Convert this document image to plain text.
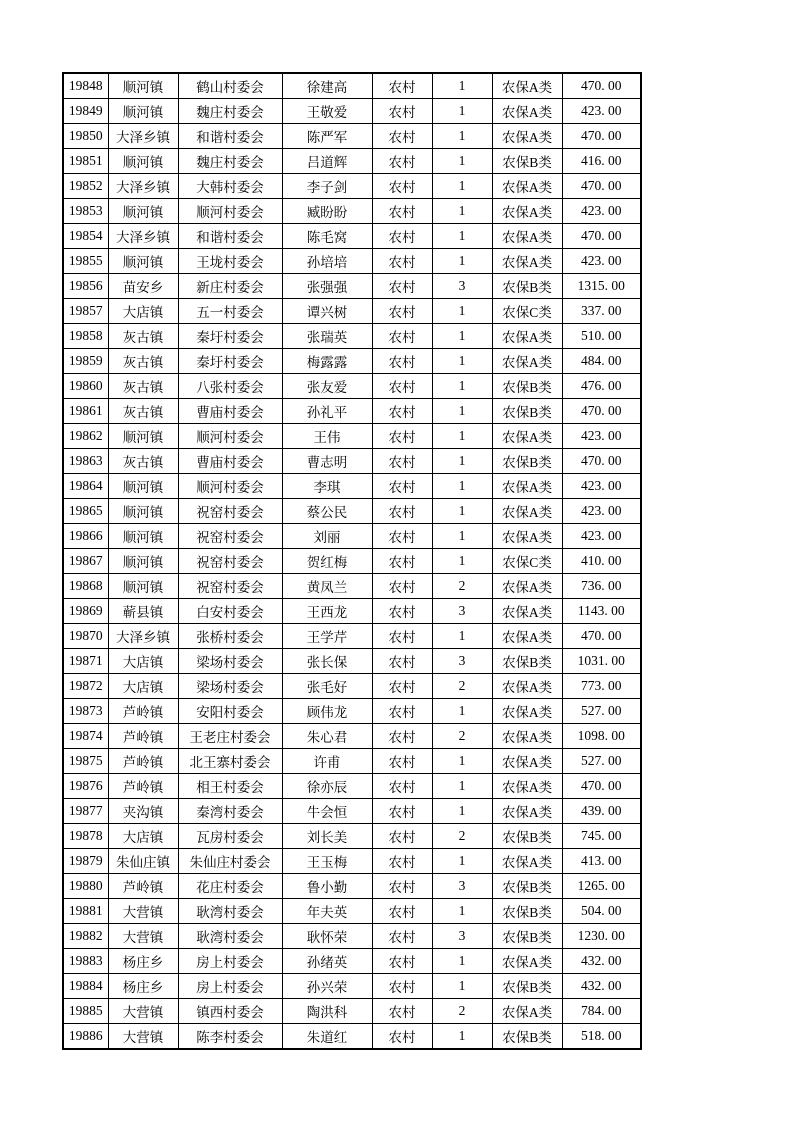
19848	顺河镇	鹤山村委会	徐建高	农村	1	农保A类	470. 00
19849	顺河镇	魏庄村委会	王敬爱	农村	1	农保A类	423. 00
19850	大泽乡镇	和谐村委会	陈严军	农村	1	农保A类	470. 00
19851	顺河镇	魏庄村委会	吕道辉	农村	1	农保B类	416. 00
19852	大泽乡镇	大韩村委会	李子剑	农村	1	农保A类	470. 00
19853	顺河镇	顺河村委会	臧盼盼	农村	1	农保A类	423. 00
19854	大泽乡镇	和谐村委会	陈毛窝	农村	1	农保A类	470. 00
19855	顺河镇	王垅村委会	孙培培	农村	1	农保A类	423. 00
19856	苗安乡	新庄村委会	张强强	农村	3	农保B类	1315. 00
19857	大店镇	五一村委会	谭兴树	农村	1	农保C类	337. 00
19858	灰古镇	秦圩村委会	张瑞英	农村	1	农保A类	510. 00
19859	灰古镇	秦圩村委会	梅露露	农村	1	农保A类	484. 00
19860	灰古镇	八张村委会	张友爱	农村	1	农保B类	476. 00
19861	灰古镇	曹庙村委会	孙礼平	农村	1	农保B类	470. 00
19862	顺河镇	顺河村委会	王伟	农村	1	农保A类	423. 00
19863	灰古镇	曹庙村委会	曹志明	农村	1	农保B类	470. 00
19864	顺河镇	顺河村委会	李琪	农村	1	农保A类	423. 00
19865	顺河镇	祝窑村委会	蔡公民	农村	1	农保A类	423. 00
19866	顺河镇	祝窑村委会	刘丽	农村	1	农保A类	423. 00
19867	顺河镇	祝窑村委会	贺红梅	农村	1	农保C类	410. 00
19868	顺河镇	祝窑村委会	黄凤兰	农村	2	农保A类	736. 00
19869	蕲县镇	白安村委会	王西龙	农村	3	农保A类	1143. 00
19870	大泽乡镇	张桥村委会	王学芹	农村	1	农保A类	470. 00
19871	大店镇	梁场村委会	张长保	农村	3	农保B类	1031. 00
19872	大店镇	梁场村委会	张毛好	农村	2	农保A类	773. 00
19873	芦岭镇	安阳村委会	顾伟龙	农村	1	农保A类	527. 00
19874	芦岭镇	王老庄村委会	朱心君	农村	2	农保A类	1098. 00
19875	芦岭镇	北王寨村委会	许甫	农村	1	农保A类	527. 00
19876	芦岭镇	相王村委会	徐亦辰	农村	1	农保A类	470. 00
19877	夹沟镇	秦湾村委会	牛会恒	农村	1	农保A类	439. 00
19878	大店镇	瓦房村委会	刘长美	农村	2	农保B类	745. 00
19879	朱仙庄镇	朱仙庄村委会	王玉梅	农村	1	农保A类	413. 00
19880	芦岭镇	花庄村委会	鲁小勤	农村	3	农保B类	1265. 00
19881	大营镇	耿湾村委会	年夫英	农村	1	农保B类	504. 00
19882	大营镇	耿湾村委会	耿怀荣	农村	3	农保B类	1230. 00
19883	杨庄乡	房上村委会	孙绪英	农村	1	农保A类	432. 00
19884	杨庄乡	房上村委会	孙兴荣	农村	1	农保B类	432. 00
19885	大营镇	镇西村委会	陶洪科	农村	2	农保A类	784. 00
19886	大营镇	陈李村委会	朱道红	农村	1	农保B类	518. 00
